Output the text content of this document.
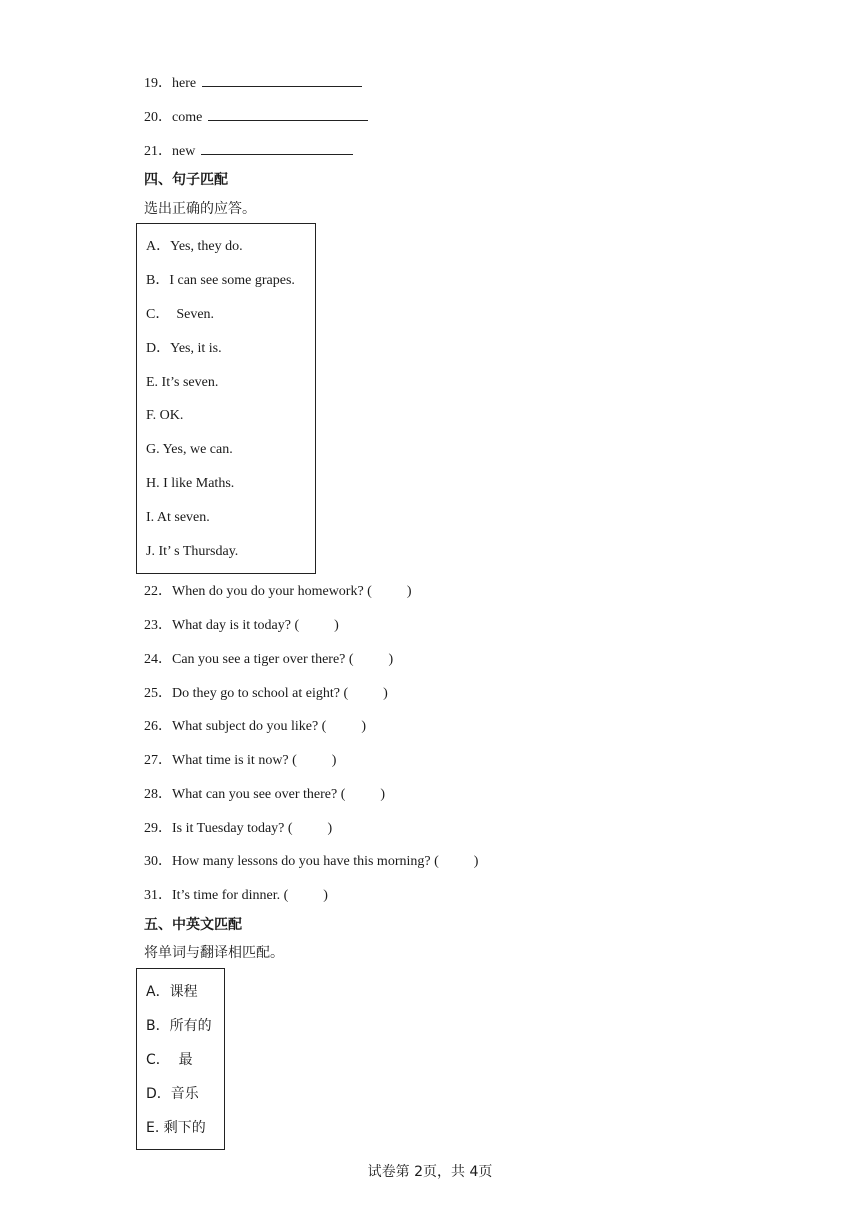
19．here
20．come
21．new
四、句子匹配
选出正确的应答。
A．Yes, they do.
B．I can see some grapes.
C．  Seven.
D．Yes, it is.
E. It’s seven.
F. OK.
G. Yes, we can.
H. I like Maths.
I. At seven.
J. It’ s Thursday.
22．When do you do your homework? (          )
23．What day is it today? (          )
24．Can you see a tiger over there? (          )
25．Do they go to school at eight? (          )
26．What subject do you like? (          )
27．What time is it now? (          )
28．What can you see over there? (          )
29．Is it Tuesday today? (          )
30．How many lessons do you have this morning? (          )
31．It’s time for dinner. (          )
五、中英文匹配
将单词与翻译相匹配。
A．课程
B．所有的
C．  最
D．音乐
E. 剩下的
试卷第 2页，共 4页
